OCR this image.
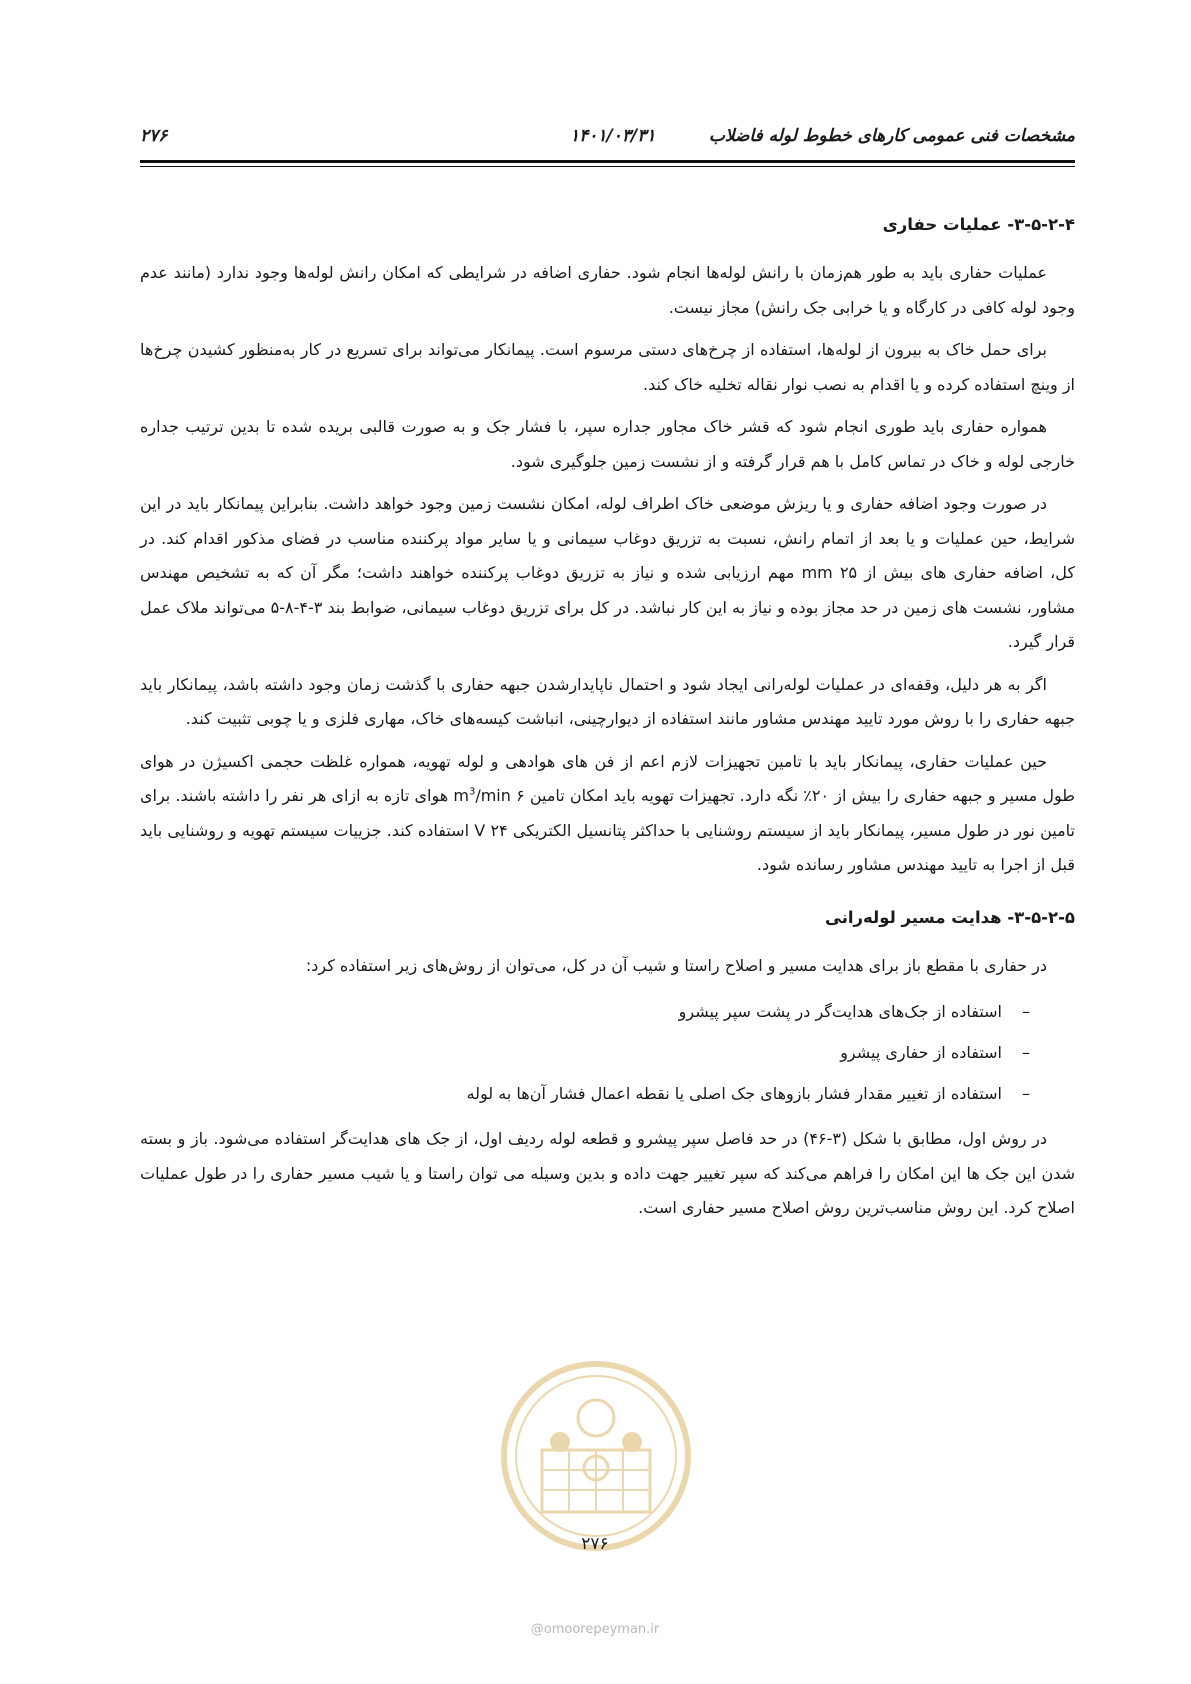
مشخصات فنی عمومی کارهای خطوط لوله فاضلاب
۱۴۰۱/۰۳/۳۱
۲۷۶
۳-۵-۲-۴- عملیات حفاری

عملیات حفاری باید به طور هم‌زمان با رانش لوله‌ها انجام شود. حفاری اضافه در شرایطی که امکان رانش لوله‌ها وجود ندارد (مانند عدم وجود لوله کافی در کارگاه و یا خرابی جک رانش) مجاز نیست.

برای حمل خاک به بیرون از لوله‌ها، استفاده از چرخ‌های دستی مرسوم است. پیمانکار می‌تواند برای تسریع در کار به‌منظور کشیدن چرخ‌ها از وینچ استفاده کرده و یا اقدام به نصب نوار نقاله تخلیه خاک کند.

همواره حفاری باید طوری انجام شود که قشر خاک مجاور جداره سپر، با فشار جک و به صورت قالبی بریده شده تا بدین ترتیب جداره خارجی لوله و خاک در تماس کامل با هم قرار گرفته و از نشست زمین جلوگیری شود.

در صورت وجود اضافه حفاری و یا ریزش موضعی خاک اطراف لوله، امکان نشست زمین وجود خواهد داشت. بنابراین پیمانکار باید در این شرایط، حین عملیات و یا بعد از اتمام رانش، نسبت به تزریق دوغاب سیمانی و یا سایر مواد پرکننده مناسب در فضای مذکور اقدام کند. در کل، اضافه حفاری های بیش از ۲۵ mm مهم ارزیابی شده و نیاز به تزریق دوغاب پرکننده خواهند داشت؛ مگر آن که به تشخیص مهندس مشاور، نشست های زمین در حد مجاز بوده و نیاز به این کار نباشد. در کل برای تزریق دوغاب سیمانی، ضوابط بند ۳-۴-۸-۵ می‌تواند ملاک عمل قرار گیرد.

اگر به هر دلیل، وقفه‌ای در عملیات لوله‌رانی ایجاد شود و احتمال ناپایدارشدن جبهه حفاری با گذشت زمان وجود داشته باشد، پیمانکار باید جبهه حفاری را با روش مورد تایید مهندس مشاور مانند استفاده از دیوارچینی، انباشت کیسه‌های خاک، مهاری فلزی و یا چوبی تثبیت کند.

حین عملیات حفاری، پیمانکار باید با تامین تجهیزات لازم اعم از فن های هوادهی و لوله تهویه، همواره غلظت حجمی اکسیژن در هوای طول مسیر و جبهه حفاری را بیش از ۲۰٪ نگه دارد. تجهیزات تهویه باید امکان تامین ۶ $m^3/\min$ هوای تازه به ازای هر نفر را داشته باشند. برای تامین نور در طول مسیر، پیمانکار باید از سیستم روشنایی با حداکثر پتانسیل الکتریکی ۲۴ V استفاده کند. جزییات سیستم تهویه و روشنایی باید قبل از اجرا به تایید مهندس مشاور رسانده شود.

۳-۵-۲-۵- هدایت مسیر لوله‌رانی

در حفاری با مقطع باز برای هدایت مسیر و اصلاح راستا و شیب آن در کل، می‌توان از روش‌های زیر استفاده کرد:

–استفاده از جک‌های هدایت‌گر در پشت سپر پیشرو
–استفاده از حفاری پیشرو
–استفاده از تغییر مقدار فشار بازوهای جک اصلی یا نقطه اعمال فشار آن‌ها به لوله

در روش اول، مطابق با شکل (۳-۴۶) در حد فاصل سپر پیشرو و قطعه لوله ردیف اول، از جک های هدایت‌گر استفاده می‌شود. باز و بسته شدن این جک ها این امکان را فراهم می‌کند که سپر تغییر جهت داده و بدین وسیله می توان راستا و یا شیب مسیر حفاری را در طول عملیات اصلاح کرد. این روش مناسب‌ترین روش اصلاح مسیر حفاری است.

۲۷۶
@omoorepeyman.ir
